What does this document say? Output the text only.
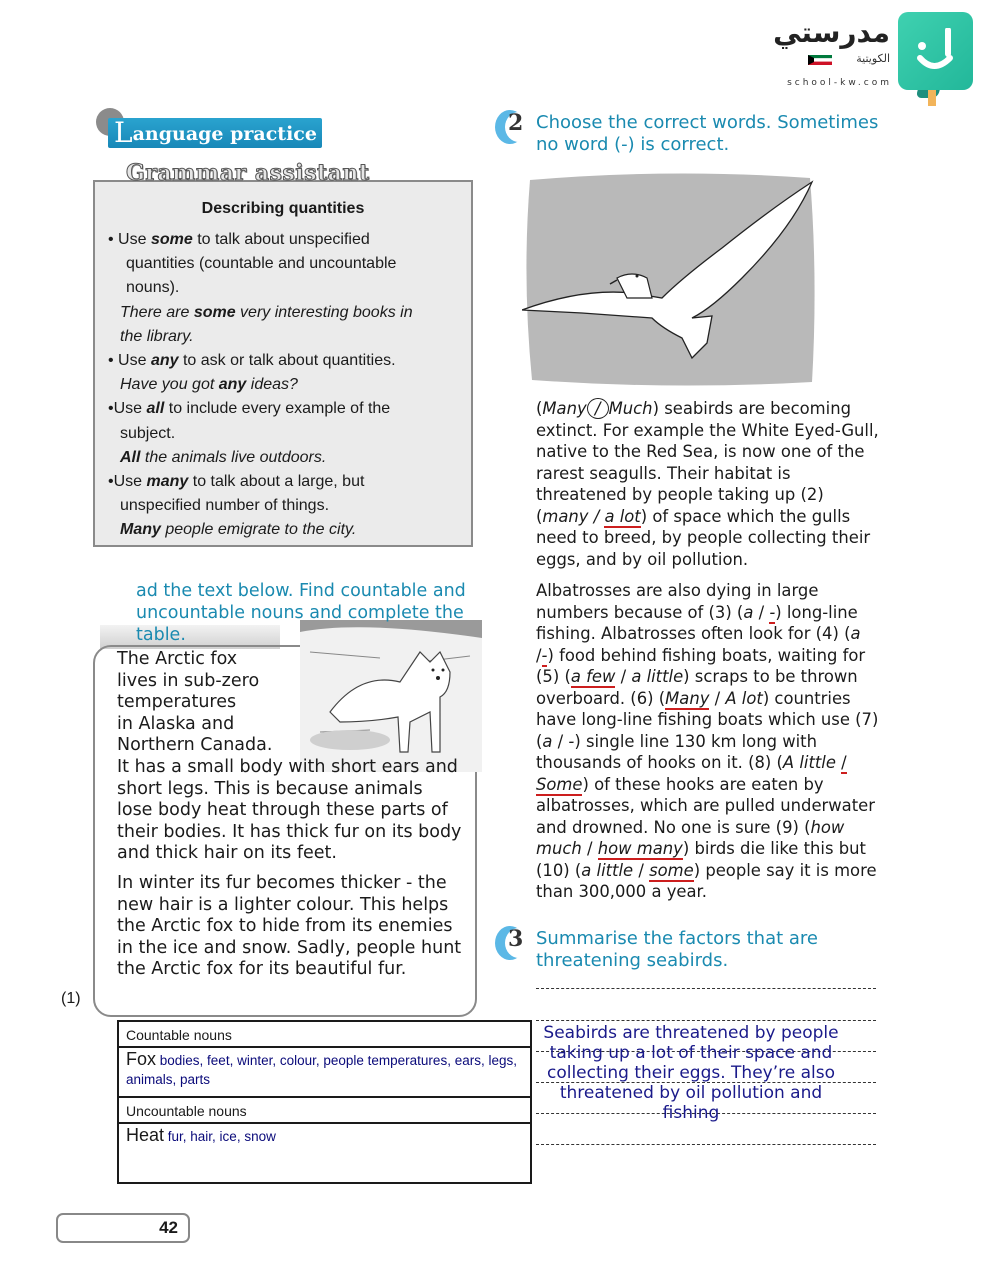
مدرستي
الكويتية
school-kw.com
Language practice
Grammar assistant
Describing quantities

• Use some to talk about unspecified

quantities (countable and uncountable

nouns).

There are some very interesting books in

the library.

• Use any to ask or talk about quantities.

Have you got any ideas?

•Use all to include every example of the

subject.

All the animals live outdoors.

•Use many to talk about a large, but

unspecified number of things.

Many people emigrate to the city.

ad the text below. Find countable and uncountable nouns and complete the table.
The Arctic fox
lives in sub-zero
temperatures
in Alaska and
Northern Canada.

It has a small body with short ears and short legs. This is because animals lose body heat through these parts of their bodies. It has thick fur on its body and thick hair on its feet.

In winter its fur becomes thicker - the new hair is a lighter colour. This helps the Arctic fox to hide from its enemies in the ice and snow. Sadly, people hunt the Arctic fox for its beautiful fur.

(1)
Countable nouns
Fox bodies, feet, winter, colour, people temperatures, ears, legs, animals, parts
Uncountable nouns
Heat fur, hair, ice, snow
42
2 Choose the correct words. Sometimes no word (-) is correct.

(Many / Much) seabirds are becoming extinct. For example the White Eyed-Gull, native to the Red Sea, is now one of the rarest seagulls. Their habitat is threatened by people taking up (2) (many / a lot) of space which the gulls need to breed, by people collecting their eggs, and by oil pollution.

Albatrosses are also dying in large numbers because of (3) (a / -) long-line fishing. Albatrosses often look for (4) (a /-) food behind fishing boats, waiting for (5) (a few / a little) scraps to be thrown overboard. (6) (Many / A lot) countries have long-line fishing boats which use (7) (a / -) single line 130 km long with thousands of hooks on it. (8) (A little / Some) of these hooks are eaten by albatrosses, which are pulled underwater and drowned. No one is sure (9) (how much / how many) birds die like this but (10) (a little / some) people say it is more than 300,000 a year.

3 Summarise the factors that are threatening seabirds.
Seabirds are threatened by people taking up a lot of their space and collecting their eggs. They’re also threatened by oil pollution and fishing
